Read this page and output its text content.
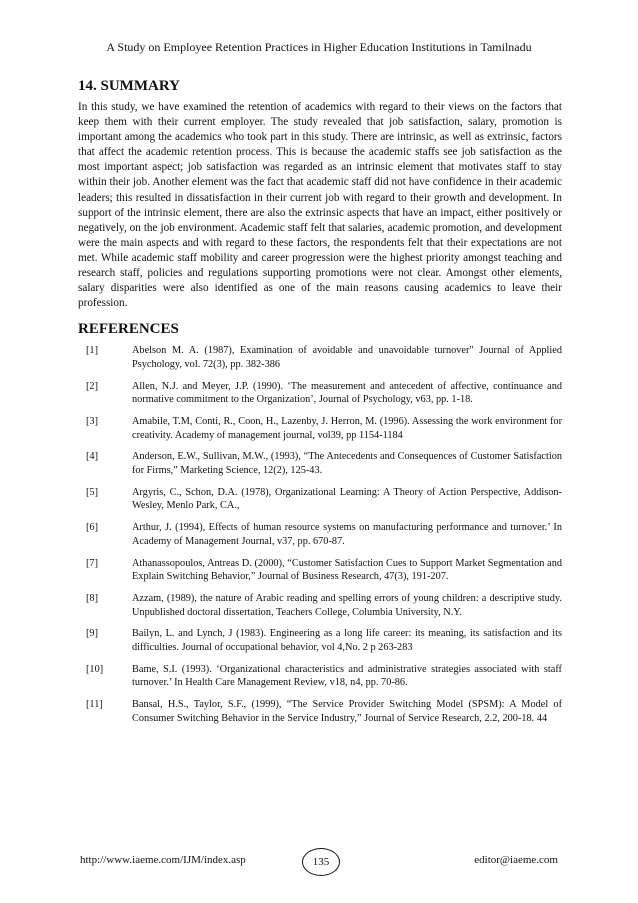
A Study on Employee Retention Practices in Higher Education Institutions in Tamilnadu
14. SUMMARY

In this study, we have examined the retention of academics with regard to their views on the factors that keep them with their current employer. The study revealed that job satisfaction, salary, promotion is important among the academics who took part in this study. There are intrinsic, as well as extrinsic, factors that affect the academic retention process. This is because the academic staffs see job satisfaction as the most important aspect; job satisfaction was regarded as an intrinsic element that motivates staff to stay within their job. Another element was the fact that academic staff did not have confidence in their academic leaders; this resulted in dissatisfaction in their current job with regard to their growth and development. In support of the intrinsic element, there are also the extrinsic aspects that have an impact, either positively or negatively, on the job environment. Academic staff felt that salaries, academic promotion, and development were the main aspects and with regard to these factors, the respondents felt that their expectations are not met. While academic staff mobility and career progression were the highest priority amongst teaching and research staff, policies and regulations supporting promotions were not clear. Amongst other elements, salary disparities were also identified as one of the main reasons causing academics to leave their profession.

REFERENCES
[1]	Abelson M. A. (1987), Examination of avoidable and unavoidable turnover" Journal of Applied Psychology, vol. 72(3), pp. 382-386
[2]	Allen, N.J. and Meyer, J.P. (1990). ‘The measurement and antecedent of affective, continuance and normative commitment to the Organization’, Journal of Psychology, v63, pp. 1-18.
[3]	Amabile, T.M, Conti, R., Coon, H., Lazenby, J. Herron, M. (1996). Assessing the work environment for creativity. Academy of management journal, vol39, pp 1154-1184
[4]	Anderson, E.W., Sullivan, M.W., (1993), “The Antecedents and Consequences of Customer Satisfaction for Firms,” Marketing Science, 12(2), 125-43.
[5]	Argyris, C., Schon, D.A. (1978), Organizational Learning: A Theory of Action Perspective, Addison-Wesley, Menlo Park, CA.,
[6]	Arthur, J. (1994), Effects of human resource systems on manufacturing performance and turnover.’ In Academy of Management Journal, v37, pp. 670-87.
[7]	Athanassopoulos, Antreas D. (2000), “Customer Satisfaction Cues to Support Market Segmentation and Explain Switching Behavior,” Journal of Business Research, 47(3), 191-207.
[8]	Azzam, (1989), the nature of Arabic reading and spelling errors of young children: a descriptive study. Unpublished doctoral dissertation, Teachers College, Columbia University, N.Y.
[9]	Bailyn, L. and Lynch, J (1983). Engineering as a long life career: its meaning, its satisfaction and its difficulties. Journal of occupational behavior, vol 4,No. 2 p 263-283
[10]	Bame, S.I. (1993). ‘Organizational characteristics and administrative strategies associated with staff turnover.’ In Health Care Management Review, v18, n4, pp. 70-86.
[11]	Bansal, H.S., Taylor, S.F., (1999), “The Service Provider Switching Model (SPSM): A Model of Consumer Switching Behavior in the Service Industry,” Journal of Service Research, 2.2, 200-18. 44
http://www.iaeme.com/IJM/index.asp	135	editor@iaeme.com
